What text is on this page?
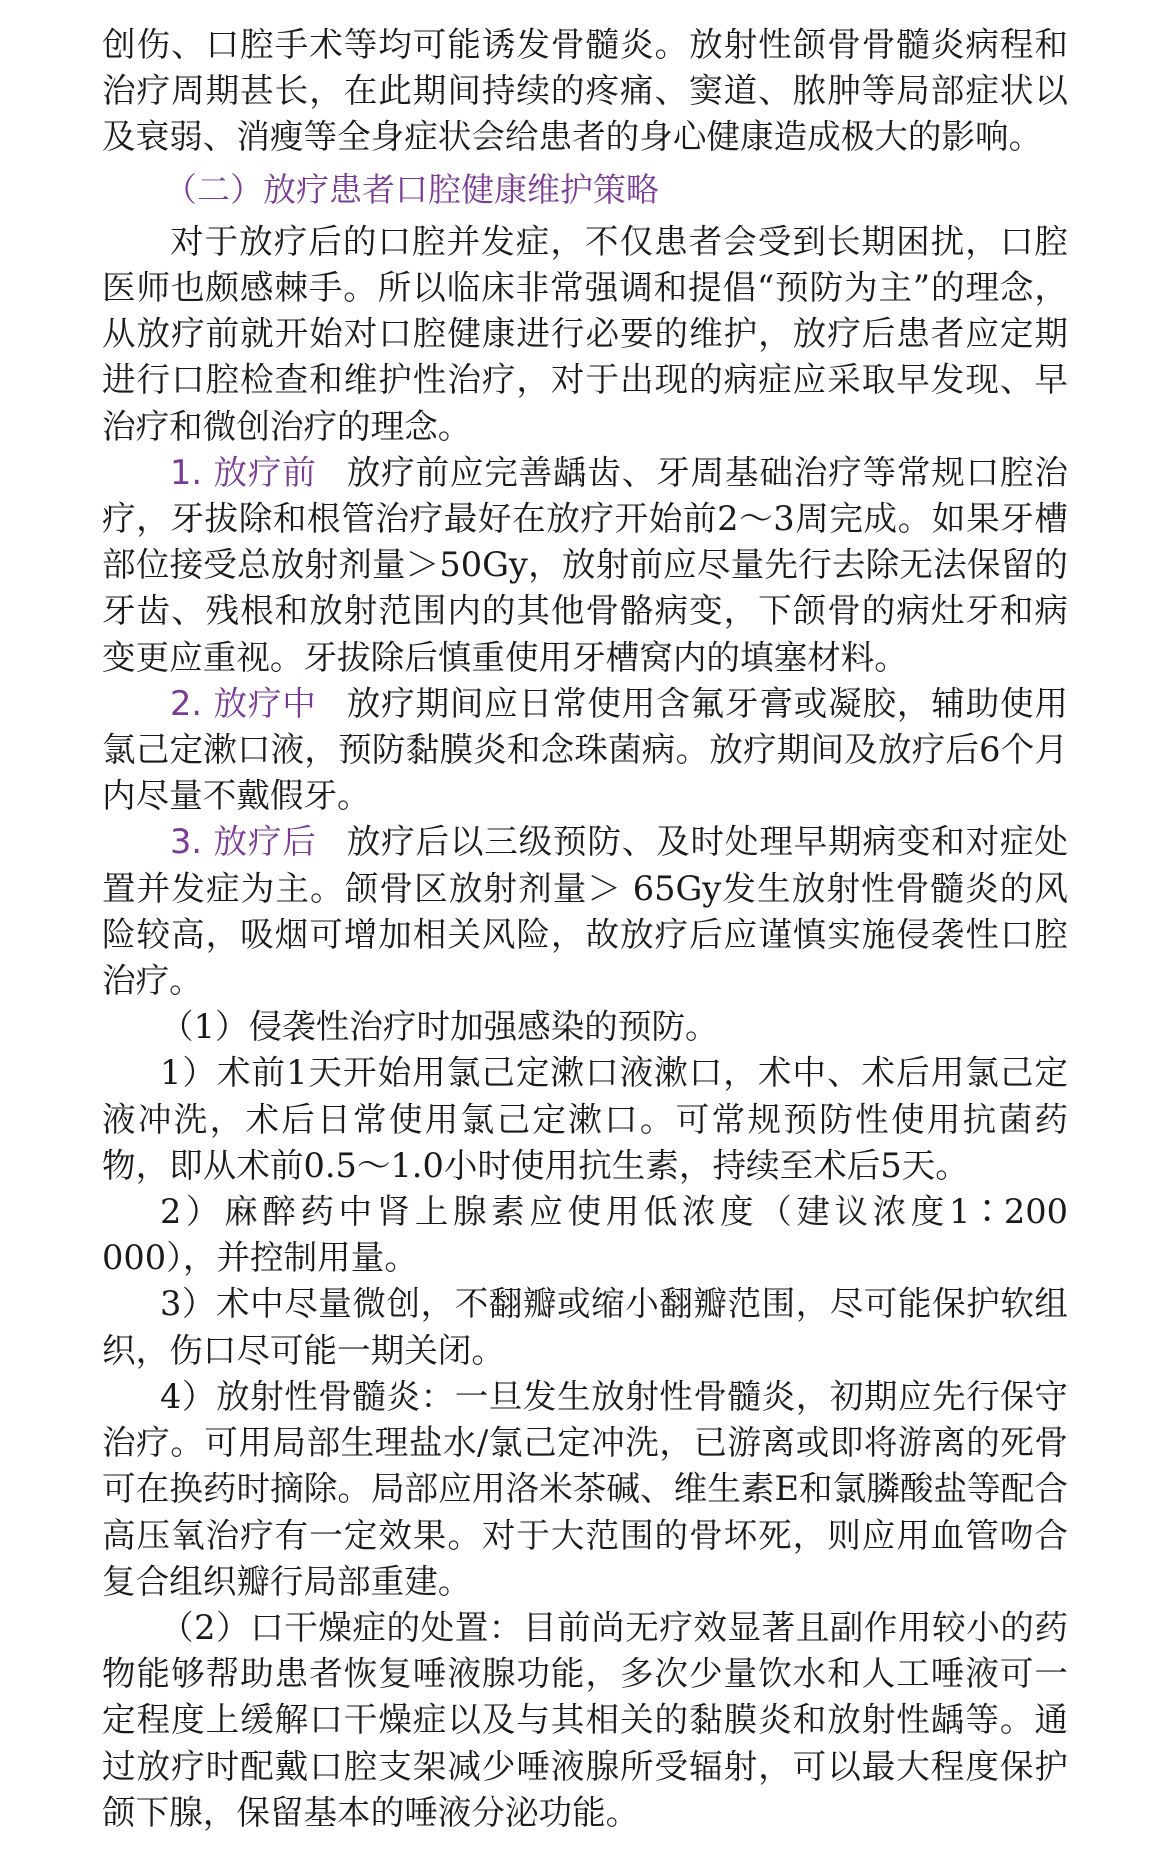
创伤、口腔手术等均可能诱发骨髓炎。放射性颌骨骨髓炎病程和治疗周期甚长，在此期间持续的疼痛、窦道、脓肿等局部症状以及衰弱、消瘦等全身症状会给患者的身心健康造成极大的影响。

（二）放疗患者口腔健康维护策略

对于放疗后的口腔并发症，不仅患者会受到长期困扰，口腔医师也颇感棘手。所以临床非常强调和提倡“预防为主”的理念，从放疗前就开始对口腔健康进行必要的维护，放疗后患者应定期进行口腔检查和维护性治疗，对于出现的病症应采取早发现、早治疗和微创治疗的理念。

1. 放疗前 放疗前应完善龋齿、牙周基础治疗等常规口腔治疗，牙拔除和根管治疗最好在放疗开始前2～3周完成。如果牙槽部位接受总放射剂量＞50Gy，放射前应尽量先行去除无法保留的牙齿、残根和放射范围内的其他骨骼病变，下颌骨的病灶牙和病变更应重视。牙拔除后慎重使用牙槽窝内的填塞材料。

2. 放疗中 放疗期间应日常使用含氟牙膏或凝胶，辅助使用氯己定漱口液，预防黏膜炎和念珠菌病。放疗期间及放疗后6个月内尽量不戴假牙。

3. 放疗后 放疗后以三级预防、及时处理早期病变和对症处置并发症为主。颌骨区放射剂量＞ 65Gy发生放射性骨髓炎的风险较高，吸烟可增加相关风险，故放疗后应谨慎实施侵袭性口腔治疗。

（1）侵袭性治疗时加强感染的预防。

1）术前1天开始用氯己定漱口液漱口，术中、术后用氯己定液冲洗，术后日常使用氯己定漱口。可常规预防性使用抗菌药物，即从术前0.5～1.0小时使用抗生素，持续至术后5天。

2）麻醉药中肾上腺素应使用低浓度（建议浓度1∶200 000），并控制用量。

3）术中尽量微创，不翻瓣或缩小翻瓣范围，尽可能保护软组织，伤口尽可能一期关闭。

4）放射性骨髓炎：一旦发生放射性骨髓炎，初期应先行保守治疗。可用局部生理盐水/氯己定冲洗，已游离或即将游离的死骨可在换药时摘除。局部应用洛米茶碱、维生素E和氯膦酸盐等配合高压氧治疗有一定效果。对于大范围的骨坏死，则应用血管吻合复合组织瓣行局部重建。

（2）口干燥症的处置：目前尚无疗效显著且副作用较小的药物能够帮助患者恢复唾液腺功能，多次少量饮水和人工唾液可一定程度上缓解口干燥症以及与其相关的黏膜炎和放射性龋等。通过放疗时配戴口腔支架减少唾液腺所受辐射，可以最大程度保护颌下腺，保留基本的唾液分泌功能。
